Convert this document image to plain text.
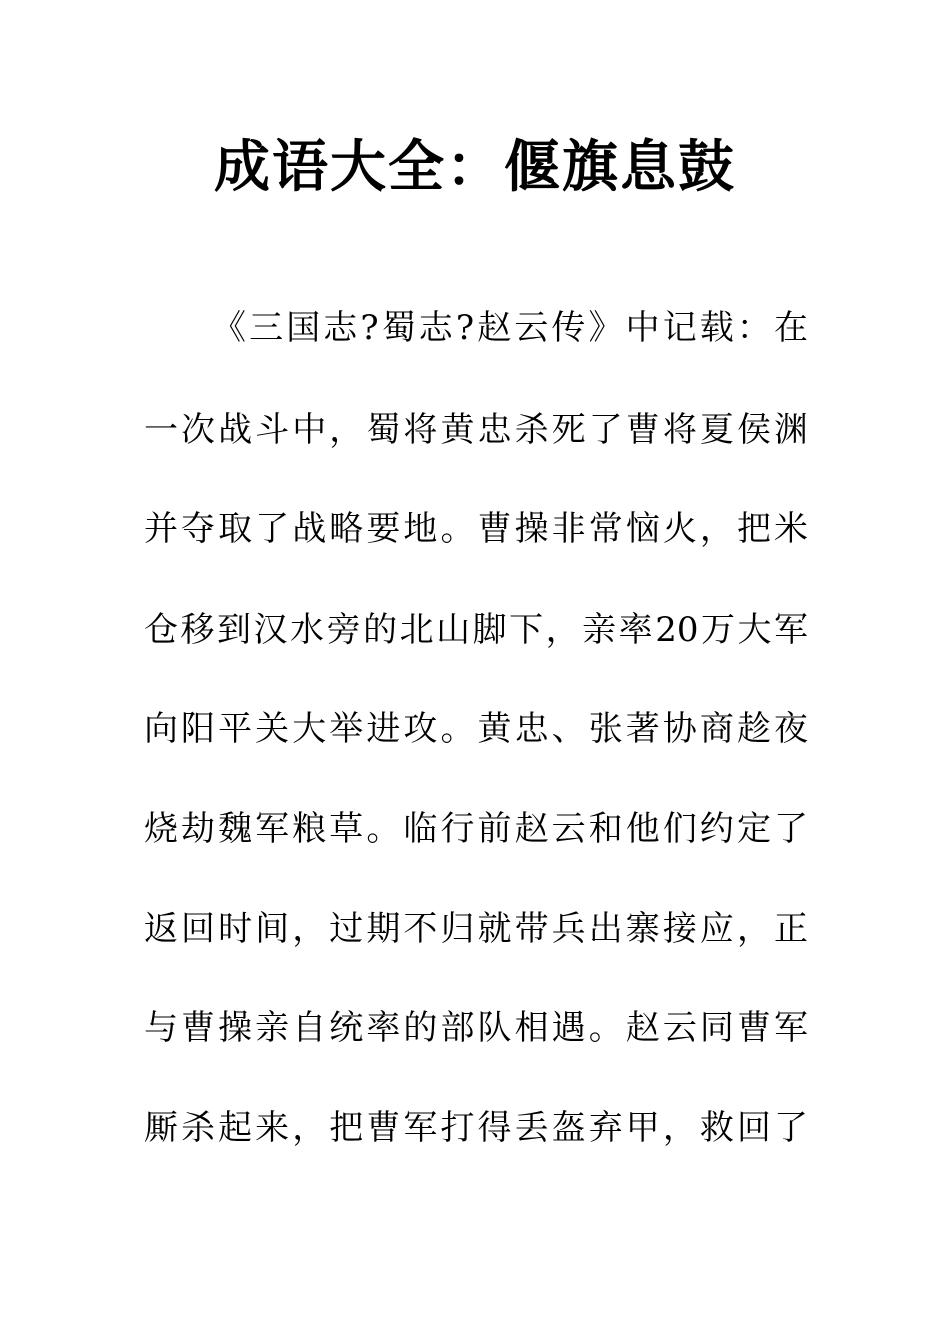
成语大全：偃旗息鼓

《三国志?蜀志?赵云传》中记载：在

一次战斗中，蜀将黄忠杀死了曹将夏侯渊

并夺取了战略要地。曹操非常恼火，把米

仓移到汉水旁的北山脚下，亲率20万大军

向阳平关大举进攻。黄忠、张著协商趁夜

烧劫魏军粮草。临行前赵云和他们约定了

返回时间，过期不归就带兵出寨接应，正

与曹操亲自统率的部队相遇。赵云同曹军

厮杀起来，把曹军打得丢盔弃甲，救回了
